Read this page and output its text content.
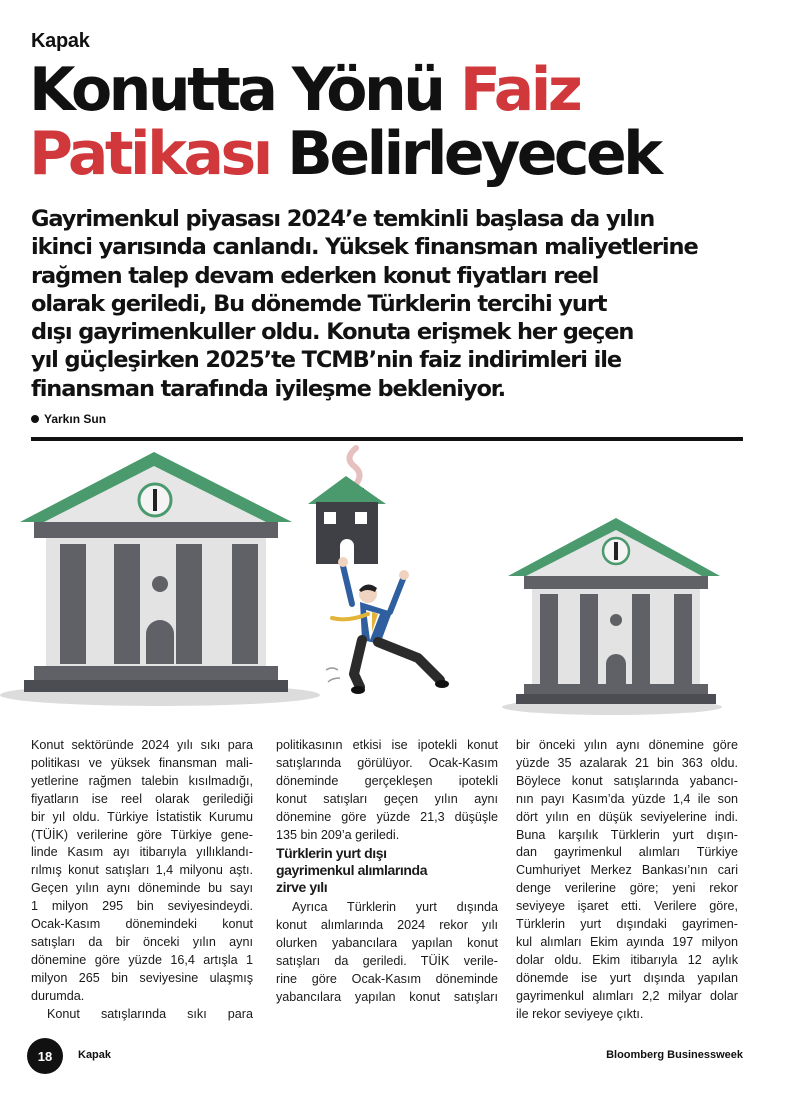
Kapak
Konutta Yönü Faiz
Patikası Belirleyecek
Gayrimenkul piyasası 2024’e temkinli başlasa da yılın
ikinci yarısında canlandı. Yüksek finansman maliyetlerine
rağmen talep devam ederken konut fiyatları reel
olarak geriledi, Bu dönemde Türklerin tercihi yurt
dışı gayrimenkuller oldu. Konuta erişmek her geçen
yıl güçleşirken 2025’te TCMB’nin faiz indirimleri ile
finansman tarafında iyileşme bekleniyor.
Yarkın Sun

Konut sektöründe 2024 yılı sıkı para
politikası ve yüksek finansman mali-
yetlerine rağmen talebin kısılmadığı,
fiyatların ise reel olarak gerilediği
bir yıl oldu. Türkiye İstatistik Kurumu
(TÜİK) verilerine göre Türkiye gene-
linde Kasım ayı itibarıyla yıllıklandı-
rılmış konut satışları 1,4 milyonu aştı.
Geçen yılın aynı döneminde bu sayı
1 milyon 295 bin seviyesindeydi.
Ocak-Kasım dönemindeki konut
satışları da bir önceki yılın aynı
dönemine göre yüzde 16,4 artışla 1
milyon 265 bin seviyesine ulaşmış
durumda.

Konut satışlarında sıkı para

politikasının etkisi ise ipotekli konut
satışlarında görülüyor. Ocak-Kasım
döneminde gerçekleşen ipotekli
konut satışları geçen yılın aynı
dönemine göre yüzde 21,3 düşüşle
135 bin 209’a geriledi.

Türklerin yurt dışı
gayrimenkul alımlarında
zirve yılı

Ayrıca Türklerin yurt dışında
konut alımlarında 2024 rekor yılı
olurken yabancılara yapılan konut
satışları da geriledi. TÜİK verile-
rine göre Ocak-Kasım döneminde
yabancılara yapılan konut satışları

bir önceki yılın aynı dönemine göre
yüzde 35 azalarak 21 bin 363 oldu.
Böylece konut satışlarında yabancı-
nın payı Kasım’da yüzde 1,4 ile son
dört yılın en düşük seviyelerine indi.
Buna karşılık Türklerin yurt dışın-
dan gayrimenkul alımları Türkiye
Cumhuriyet Merkez Bankası’nın cari
denge verilerine göre; yeni rekor
seviyeye işaret etti. Verilere göre,
Türklerin yurt dışındaki gayrimen-
kul alımları Ekim ayında 197 milyon
dolar oldu. Ekim itibarıyla 12 aylık
dönemde ise yurt dışında yapılan
gayrimenkul alımları 2,2 milyar dolar
ile rekor seviyeye çıktı.

18	Kapak	Bloomberg Businessweek
